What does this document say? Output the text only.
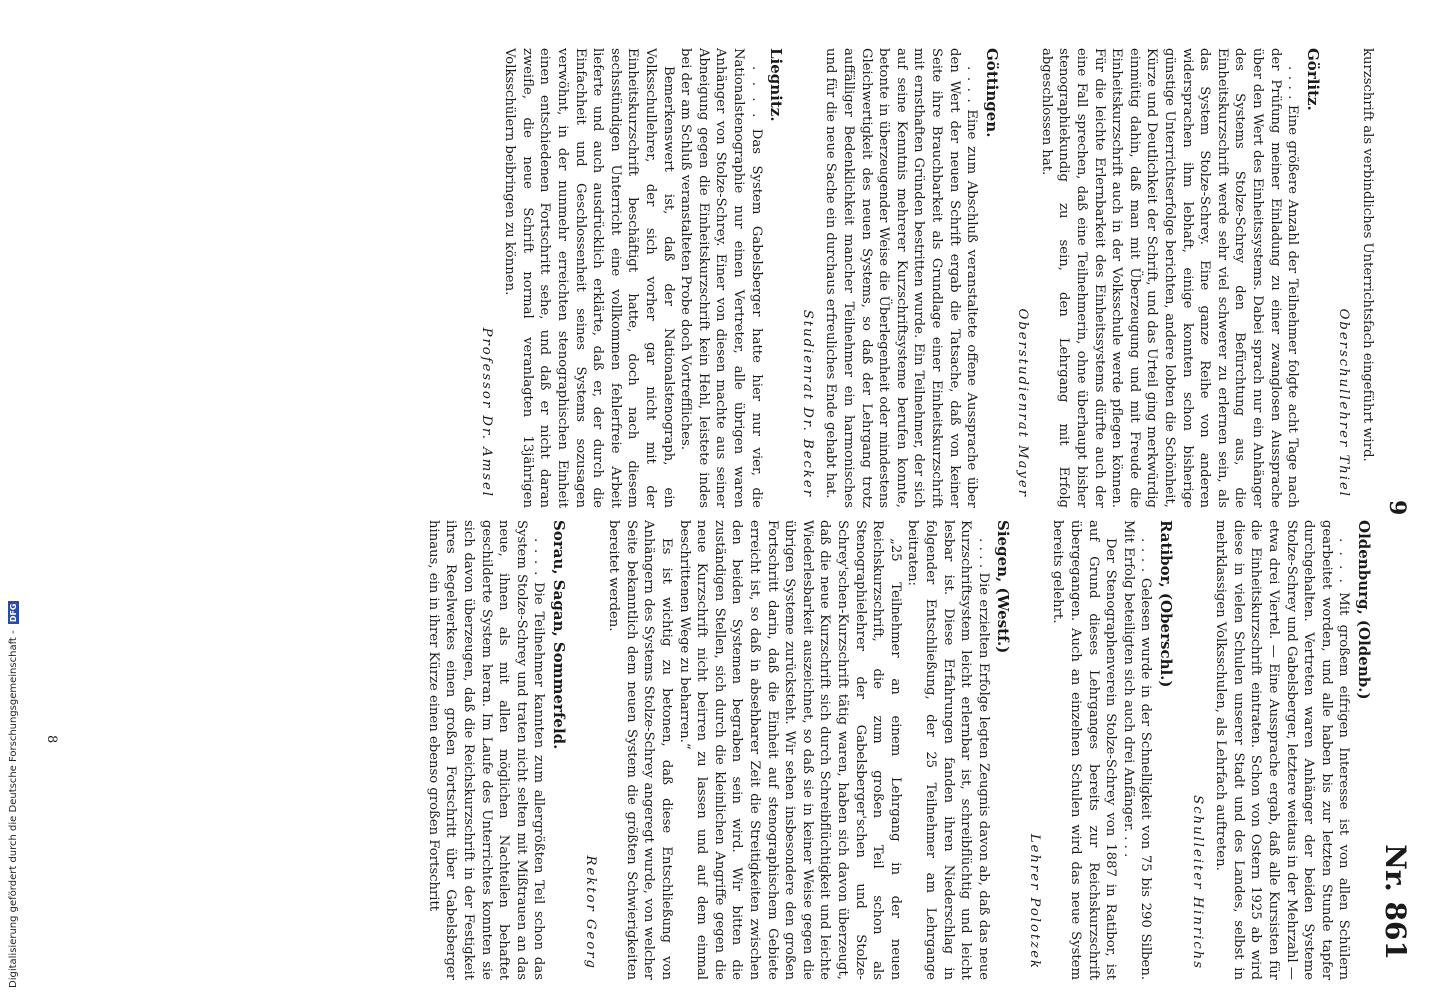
9
Nr. 861

kurzschrift als verbindliches Unterrichtsfach eingeführt wird.

Oberschullehrer Thiel
Görlitz.

. . . . Eine größere Anzahl der Teilnehmer folgte acht Tage nach der Prüfung meiner Einladung zu einer zwanglosen Aussprache über den Wert des Einheitssystems. Dabei sprach nur ein Anhänger des Systems Stolze-Schrey den Befürchtung aus, die Einheitskurzschrift werde sehr viel schwerer zu erlernen sein, als das System Stolze-Schrey. Eine ganze Reihe von anderen widersprachen ihm lebhaft, einige konnten schon bisherige günstige Unterrichtserfolge berichten, andere lobten die Schönheit, Kürze und Deutlichkeit der Schrift, und das Urteil ging merkwürdig einmütig dahin, daß man mit Überzeugung und mit Freude die Einheitskurzschrift auch in der Volksschule werde pflegen können. Für die leichte Erlernbarkeit des Einheitssystems dürfte auch der eine Fall sprechen, daß eine Teilnehmerin, ohne überhaupt bisher stenographiekundig zu sein, den Lehrgang mit Erfolg abgeschlossen hat.

Oberstudienrat Mayer
Göttingen.

. . . . Eine zum Abschluß veranstaltete offene Aussprache über den Wert der neuen Schrift ergab die Tatsache, daß von keiner Seite ihre Brauchbarkeit als Grundlage einer Einheitskurzschrift mit ernsthaften Gründen bestritten wurde. Ein Teilnehmer, der sich auf seine Kenntnis mehrerer Kurzschriftsysteme berufen konnte, betonte in überzeugender Weise die Überlegenheit oder mindestens Gleichwertigkeit des neuen Systems, so daß der Lehrgang trotz auffälliger Bedenklichkeit mancher Teilnehmer ein harmonisches und für die neue Sache ein durchaus erfreuliches Ende gehabt hat.

Studienrat Dr. Becker
Liegnitz.

. . . . Das System Gabelsberger hatte hier nur vier, die Nationalstenographie nur einen Vertreter, alle übrigen waren Anhänger von Stolze-Schrey. Einer von diesen machte aus seiner Abneigung gegen die Einheitskurzschrift kein Hehl, leistete indes bei der am Schluß veranstalteten Probe doch Vortreffliches.

Bemerkenswert ist, daß der Nationalstenograph, ein Volksschullehrer, der sich vorher gar nicht mit der Einheitskurzschrift beschäftigt hatte, doch nach diesem sechsstündigen Unterricht eine vollkommen fehlerfreie Arbeit lieferte und auch ausdrücklich erklärte, daß er, der durch die Einfachheit und Geschlossenheit seines Systems sozusagen verwöhnt, in der nunmehr erreichten stenographischen Einheit einen entschiedenen Fortschritt sehe, und daß er nicht daran zweifle, die neue Schrift normal veranlagten 13jährigen Volksschülern beibringen zu können.

Professor Dr. Amsel
Oldenburg, (Oldenb.)

. . . . Mit großem eifrigen Interesse ist von allen Schülern gearbeitet worden, und alle haben bis zur letzten Stunde tapfer durchgehalten. Vertreten waren Anhänger der beiden Systeme Stolze-Schrey und Gabelsberger, letztere weitaus in der Mehrzahl — etwa drei Viertel. — Eine Aussprache ergab, daß alle Kursisten für die Einheitskurzschrift eintraten. Schon von Ostern 1925 ab wird diese in vielen Schulen unserer Stadt und des Landes, selbst in mehrklassigen Volksschulen, als Lehrfach auftreten.

Schulleiter Hinrichs
Ratibor, (Oberschl.)

. . . . Gelesen wurde in der Schnelligkeit von 75 bis 290 Silben. Mit Erfolg beteiligten sich auch drei Anfänger. . . .

Der Stenographenverein Stolze-Schrey von 1887 in Ratibor, ist auf Grund dieses Lehrganges bereits zur Reichskurzschrift übergegangen. Auch an einzelnen Schulen wird das neue System bereits gelehrt.

Lehrer Polotzek
Siegen, (Westf.)

. . . . Die erzielten Erfolge legten Zeugnis davon ab, daß das neue Kurzschriftsystem leicht erlernbar ist, schreibflüchtig und leicht lesbar ist. Diese Erfahrungen fanden ihren Niederschlag in folgender Entschließung, der 25 Teilnehmer am Lehrgange beitraten:

„25 Teilnehmer an einem Lehrgang in der neuen Reichskurzschrift, die zum großen Teil schon als Stenographielehrer der Gabelsberger'schen und Stolze-Schrey'schen-Kurzschrift tätig waren, haben sich davon überzeugt, daß die neue Kurzschrift sich durch Schreibflüchtigkeit und leichte Wiederlesbarkeit auszeichnet, so daß sie in keiner Weise gegen die übrigen Systeme zurücksteht. Wir sehen insbesondere den großen Fortschritt darin, daß die Einheit auf stenographischem Gebiete erreicht ist, so daß in absehbarer Zeit die Streitigkeiten zwischen den beiden Systemen begraben sein wird. Wir bitten die zuständigen Stellen, sich durch die kleinlichen Angriffe gegen die neue Kurzschrift nicht beirren zu lassen und auf dem einmal beschrittenen Wege zu beharren.“

Es ist wichtig zu betonen, daß diese Entschließung von Anhängern des Systems Stolze-Schrey angeregt wurde, von welcher Seite bekanntlich dem neuen System die größten Schwierigkeiten bereitet werden.

Rektor Georg
Sorau, Sagan, Sommerfeld.

. . . . Die Teilnehmer kannten zum allergrößten Teil schon das System Stolze-Schrey und traten nicht selten mit Mißtrauen an das neue, ihnen als mit allen möglichen Nachteilen behaftet geschilderte System heran. Im Laufe des Unterrichtes konnten sie sich davon überzeugen, daß die Reichskurzschrift in der Festigkeit ihres Regelwerkes einen großen Fortschritt über Gabelsberger hinaus, ein in ihrer Kürze einen ebenso großen Fortschritt

8
Digitalisierung gefördert durch die Deutsche Forschungsgemeinschaft - DFG
